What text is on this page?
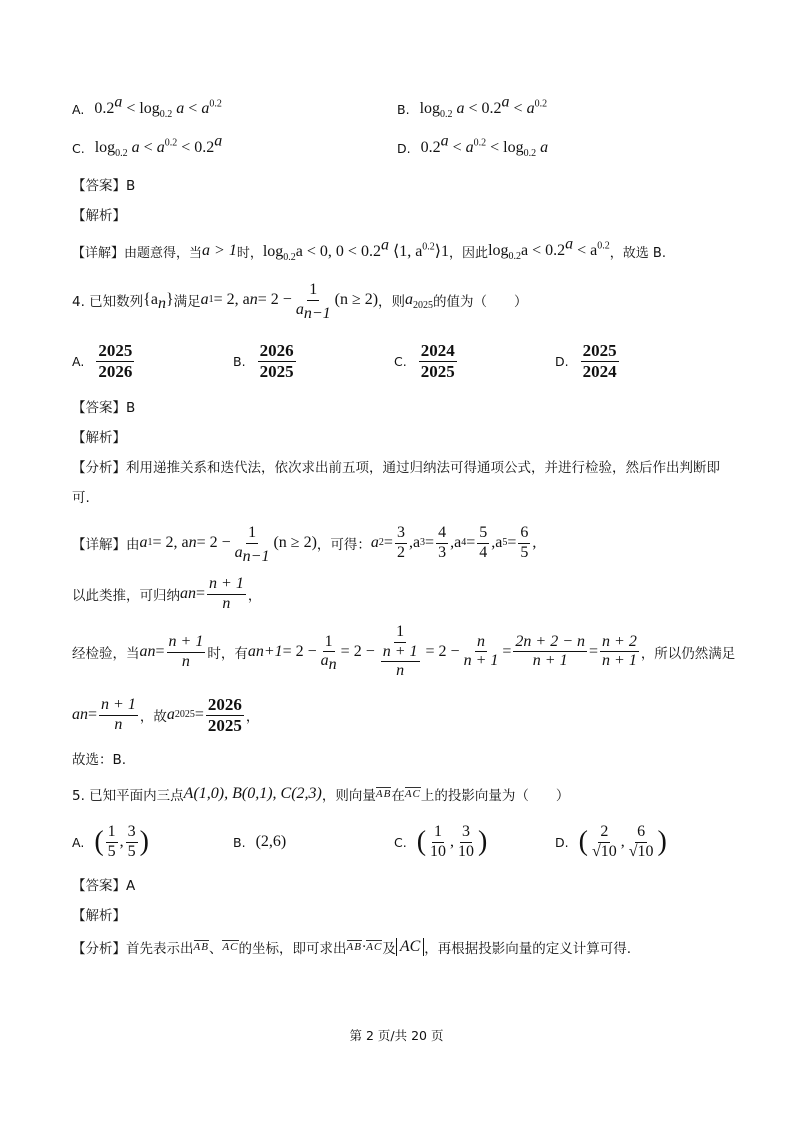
A. $0.2^a < \log_{0.2} a < a^{0.2}$	B. $\log_{0.2} a < 0.2^a < a^{0.2}$
C. $\log_{0.2} a < a^{0.2} < 0.2^a$	D. $0.2^a < a^{0.2} < \log_{0.2} a$
【答案】B
【解析】
【详解】 由题意得，当 a > 1 时， $\log_{0.2}a < 0$, 0 < 0.2$^a$ ⟨1, $a^{0.2}⟩1$ ，因此 $\log_{0.2}a < 0.2^a < a^{0.2}$ ，故选 B.
4. 已知数列 $\{a_n\}$ 满足 a 1 = 2, a $n = 2 - \frac{1}{a_{n-1}} (n \ge 2)$ ，则 $a_{2025}$ 的值为（　　）
A. $\frac{2025}{2026}$	B. $\frac{2026}{2025}$	C. $\frac{2024}{2025}$	D. $\frac{2025}{2024}$
【答案】B
【解析】
【分析】利用递推关系和迭代法，依次求出前五项，通过归纳法可得通项公式，并进行检验，然后作出判断即可.
【详解】 由 a 1 = 2, a $n = 2 - \frac{1}{a_{n-1}} (n \ge 2)$ ，可得： a $2 = \frac{3}{2} ,a$ $3 = \frac{4}{3} ,a$ $4 = \frac{5}{4} ,a$ $5 = \frac{6}{5}$ ,
以此类推，可归纳 a $n = \frac{n + 1}{n}$ ，
经检验，当 a $n = \frac{n + 1}{n}$ 时，有 a $n+1 = 2 - \frac{1}{a_n} = 2 - \frac{1}{\frac{n + 1}{n}} = 2 - \frac{n}{n + 1} = \frac{2n + 2 - n}{n + 1} = \frac{n + 2}{n + 1}$ ，所以仍然满足
a $n = \frac{n + 1}{n}$ ，故 a $2025 = \frac{2026}{2025}$ ，
故选：B.
5. 已知平面内三点 A(1,0), B(0,1), C(2,3) ，则向量 AB 在 AC 上的投影向量为（　　）
A. ( $\frac{1}{5}$ , $\frac{3}{5}$ )	B. (2,6)	C. ( $\frac{1}{10}$ , $\frac{3}{10}$ )	D. ( $\frac{2}{√10}$ , $\frac{6}{√10}$ )
【答案】A
【解析】
【分析】 首先表示出 AB 、 AC 的坐标，即可求出 AB · AC 及 AC ，再根据投影向量的定义计算可得.
第 2 页/共 20 页
